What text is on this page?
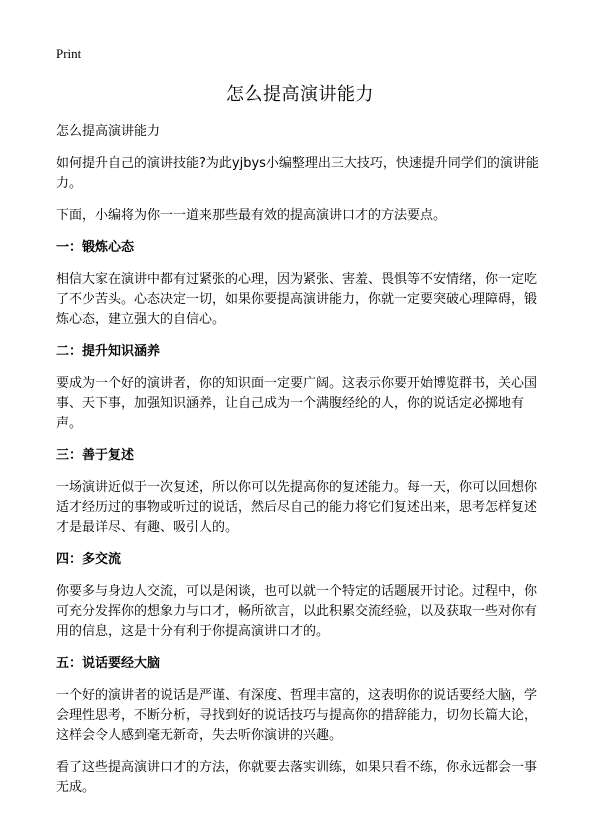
Print
怎么提高演讲能力

怎么提高演讲能力

如何提升自己的演讲技能?为此yjbys小编整理出三大技巧，快速提升同学们的演讲能力。

下面，小编将为你一一道来那些最有效的提高演讲口才的方法要点。

一：锻炼心态

相信大家在演讲中都有过紧张的心理，因为紧张、害羞、畏惧等不安情绪，你一定吃了不少苦头。心态决定一切，如果你要提高演讲能力，你就一定要突破心理障碍，锻炼心态，建立强大的自信心。

二：提升知识涵养

要成为一个好的演讲者，你的知识面一定要广阔。这表示你要开始博览群书，关心国事、天下事，加强知识涵养，让自己成为一个满腹经纶的人，你的说话定必掷地有声。

三：善于复述

一场演讲近似于一次复述，所以你可以先提高你的复述能力。每一天，你可以回想你适才经历过的事物或听过的说话，然后尽自己的能力将它们复述出来，思考怎样复述才是最详尽、有趣、吸引人的。

四：多交流

你要多与身边人交流，可以是闲谈，也可以就一个特定的话题展开讨论。过程中，你可充分发挥你的想象力与口才，畅所欲言，以此积累交流经验，以及获取一些对你有用的信息，这是十分有利于你提高演讲口才的。

五：说话要经大脑

一个好的演讲者的说话是严谨、有深度、哲理丰富的，这表明你的说话要经大脑，学会理性思考，不断分析，寻找到好的说话技巧与提高你的措辞能力，切勿长篇大论，这样会令人感到毫无新奇，失去听你演讲的兴趣。

看了这些提高演讲口才的方法，你就要去落实训练，如果只看不练，你永远都会一事无成。
